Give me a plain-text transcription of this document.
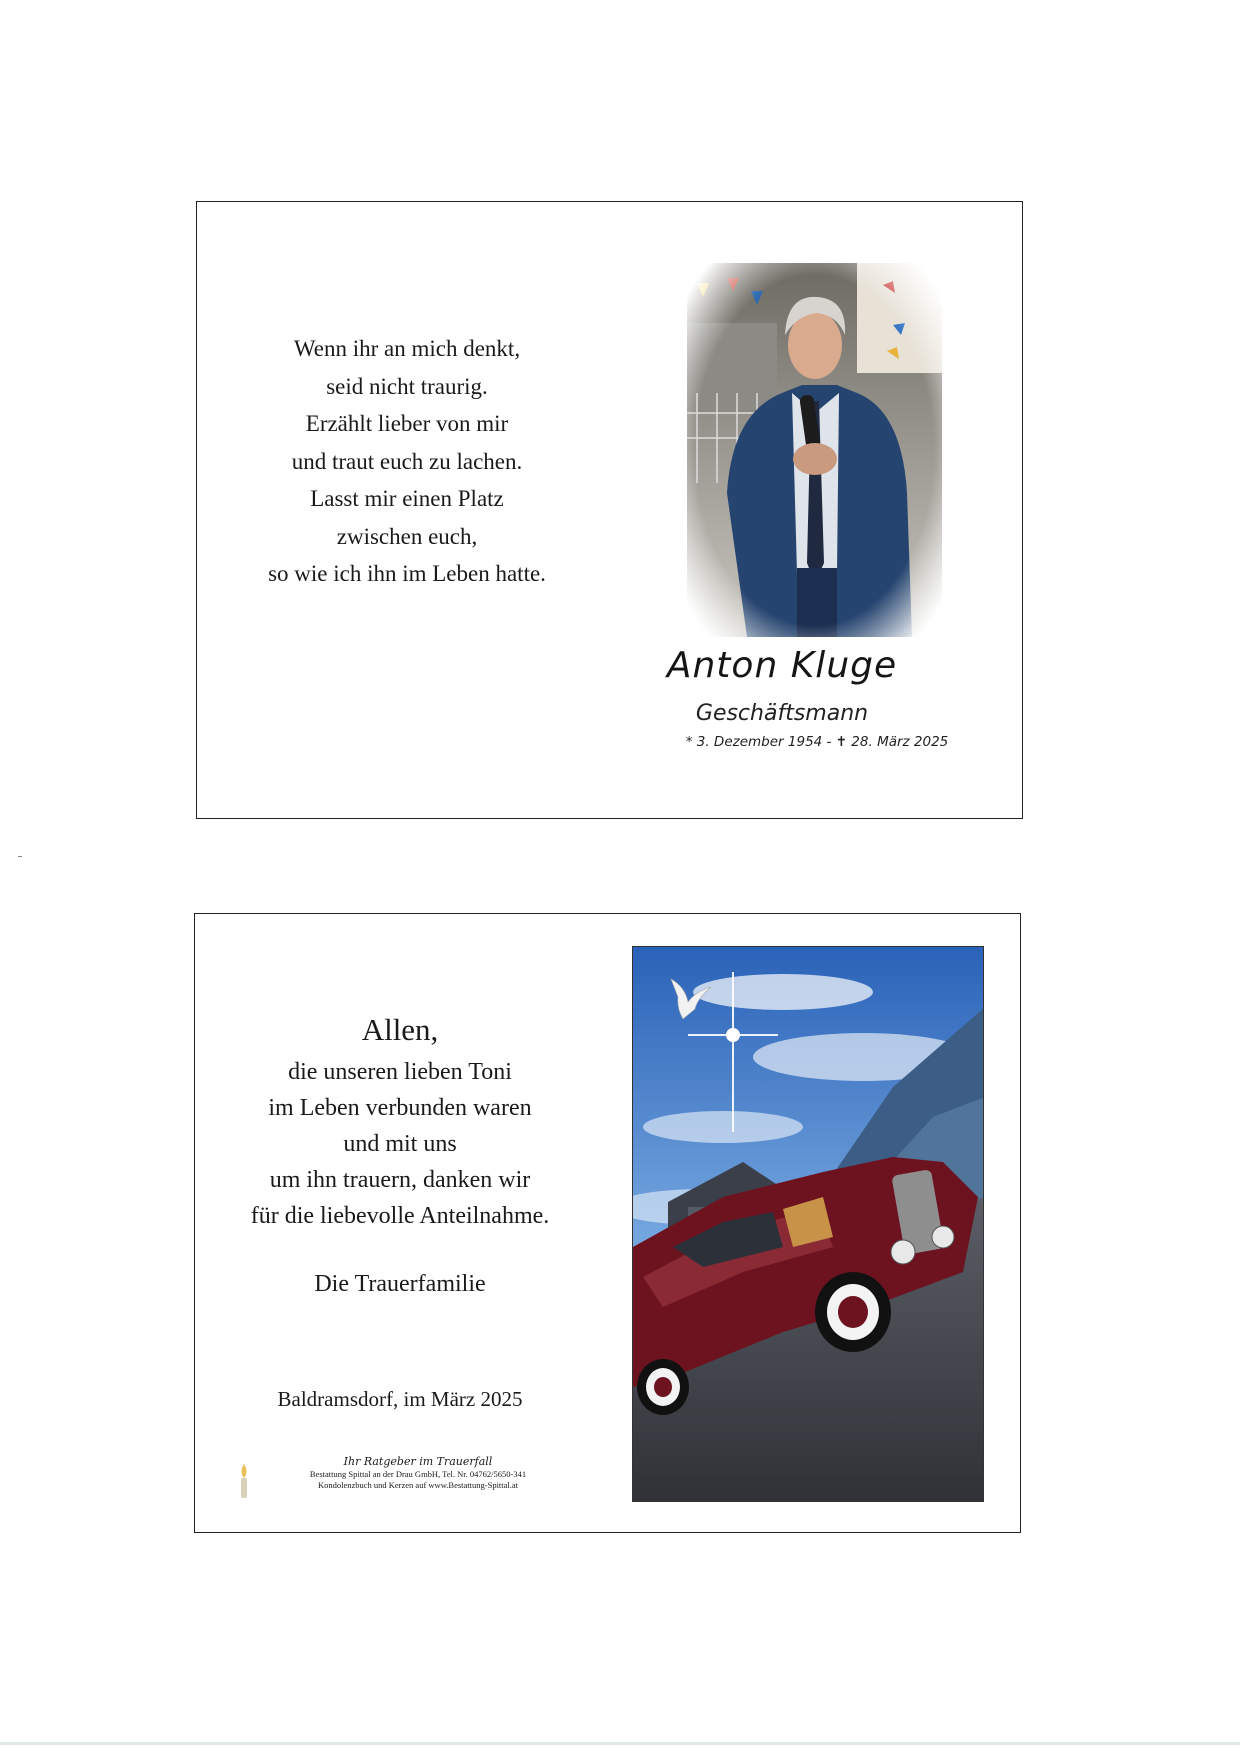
Wenn ihr an mich denkt,
seid nicht traurig.
Erzählt lieber von mir
und traut euch zu lachen.
Lasst mir einen Platz
zwischen euch,
so wie ich ihn im Leben hatte.
Anton Kluge
Geschäftsmann
* 3. Dezember 1954 - ✝ 28. März 2025
Allen,
die unseren lieben Toni
im Leben verbunden waren
und mit uns
um ihn trauern, danken wir
für die liebevolle Anteilnahme.
Die Trauerfamilie
Baldramsdorf, im März 2025
Ihr Ratgeber im Trauerfall
Bestattung Spittal an der Drau GmbH, Tel. Nr. 04762/5650-341
Kondolenzbuch und Kerzen auf www.Bestattung-Spittal.at
